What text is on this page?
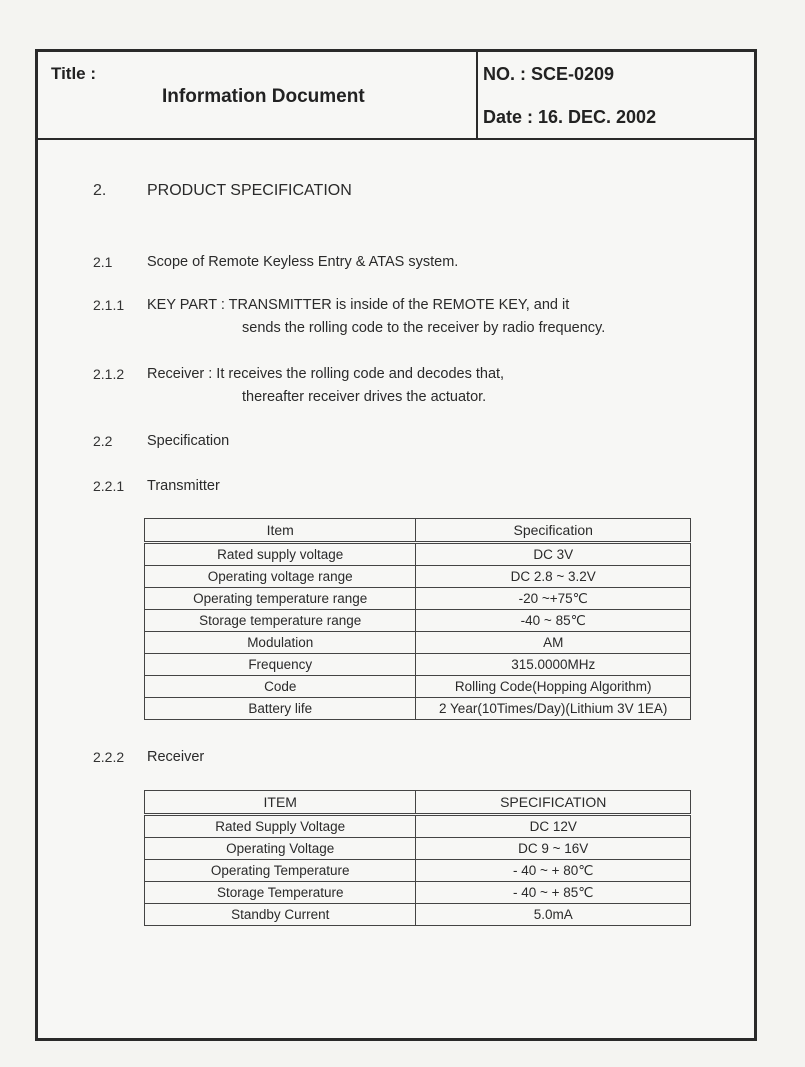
Title :
Information Document
NO. : SCE-0209
Date : 16. DEC. 2002
2.	PRODUCT SPECIFICATION
2.1 Scope of Remote Keyless Entry & ATAS system.
2.1.1 KEY PART : TRANSMITTER is inside of the REMOTE KEY, and it
sends the rolling code to the receiver by radio frequency.
2.1.2 Receiver : It receives the rolling code and decodes that,
thereafter receiver drives the actuator.
2.2 Specification
2.2.1 Transmitter
Item	Specification
Rated supply voltage	DC 3V
Operating voltage range	DC 2.8 ~ 3.2V
Operating temperature range	-20 ~+75℃
Storage temperature range	-40 ~ 85℃
Modulation	AM
Frequency	315.0000MHz
Code	Rolling Code(Hopping Algorithm)
Battery life	2 Year(10Times/Day)(Lithium 3V 1EA)
2.2.2 Receiver
ITEM	SPECIFICATION
Rated Supply Voltage	DC 12V
Operating Voltage	DC 9 ~ 16V
Operating Temperature	- 40 ~ + 80℃
Storage Temperature	- 40 ~ + 85℃
Standby Current	5.0mA
